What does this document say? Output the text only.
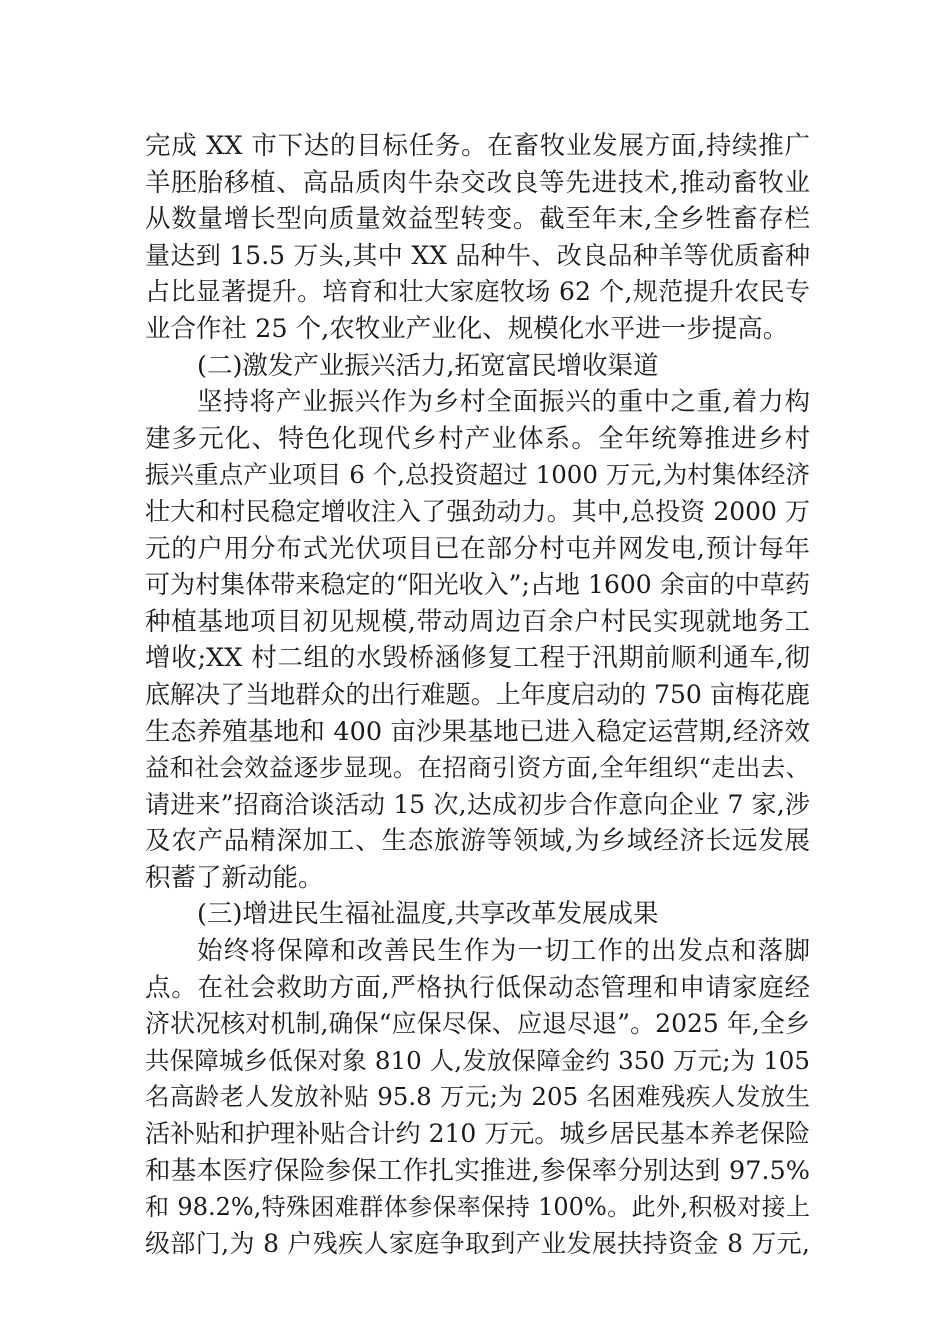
完成 XX 市下达的目标任务。在畜牧业发展方面,持续推广
羊胚胎移植、高品质肉牛杂交改良等先进技术,推动畜牧业
从数量增长型向质量效益型转变。截至年末,全乡牲畜存栏
量达到 15.5 万头,其中 XX 品种牛、改良品种羊等优质畜种
占比显著提升。培育和壮大家庭牧场 62 个,规范提升农民专
业合作社 25 个,农牧业产业化、规模化水平进一步提高。
(二)激发产业振兴活力,拓宽富民增收渠道
坚持将产业振兴作为乡村全面振兴的重中之重,着力构
建多元化、特色化现代乡村产业体系。全年统筹推进乡村
振兴重点产业项目 6 个,总投资超过 1000 万元,为村集体经济
壮大和村民稳定增收注入了强劲动力。其中,总投资 2000 万
元的户用分布式光伏项目已在部分村屯并网发电,预计每年
可为村集体带来稳定的“阳光收入”;占地 1600 余亩的中草药
种植基地项目初见规模,带动周边百余户村民实现就地务工
增收;XX 村二组的水毁桥涵修复工程于汛期前顺利通车,彻
底解决了当地群众的出行难题。上年度启动的 750 亩梅花鹿
生态养殖基地和 400 亩沙果基地已进入稳定运营期,经济效
益和社会效益逐步显现。在招商引资方面,全年组织“走出去、
请进来”招商洽谈活动 15 次,达成初步合作意向企业 7 家,涉
及农产品精深加工、生态旅游等领域,为乡域经济长远发展
积蓄了新动能。
(三)增进民生福祉温度,共享改革发展成果
始终将保障和改善民生作为一切工作的出发点和落脚
点。在社会救助方面,严格执行低保动态管理和申请家庭经
济状况核对机制,确保“应保尽保、应退尽退”。2025 年,全乡
共保障城乡低保对象 810 人,发放保障金约 350 万元;为 105
名高龄老人发放补贴 95.8 万元;为 205 名困难残疾人发放生
活补贴和护理补贴合计约 210 万元。城乡居民基本养老保险
和基本医疗保险参保工作扎实推进,参保率分别达到 97.5%
和 98.2%,特殊困难群体参保率保持 100%。此外,积极对接上
级部门,为 8 户残疾人家庭争取到产业发展扶持资金 8 万元,
